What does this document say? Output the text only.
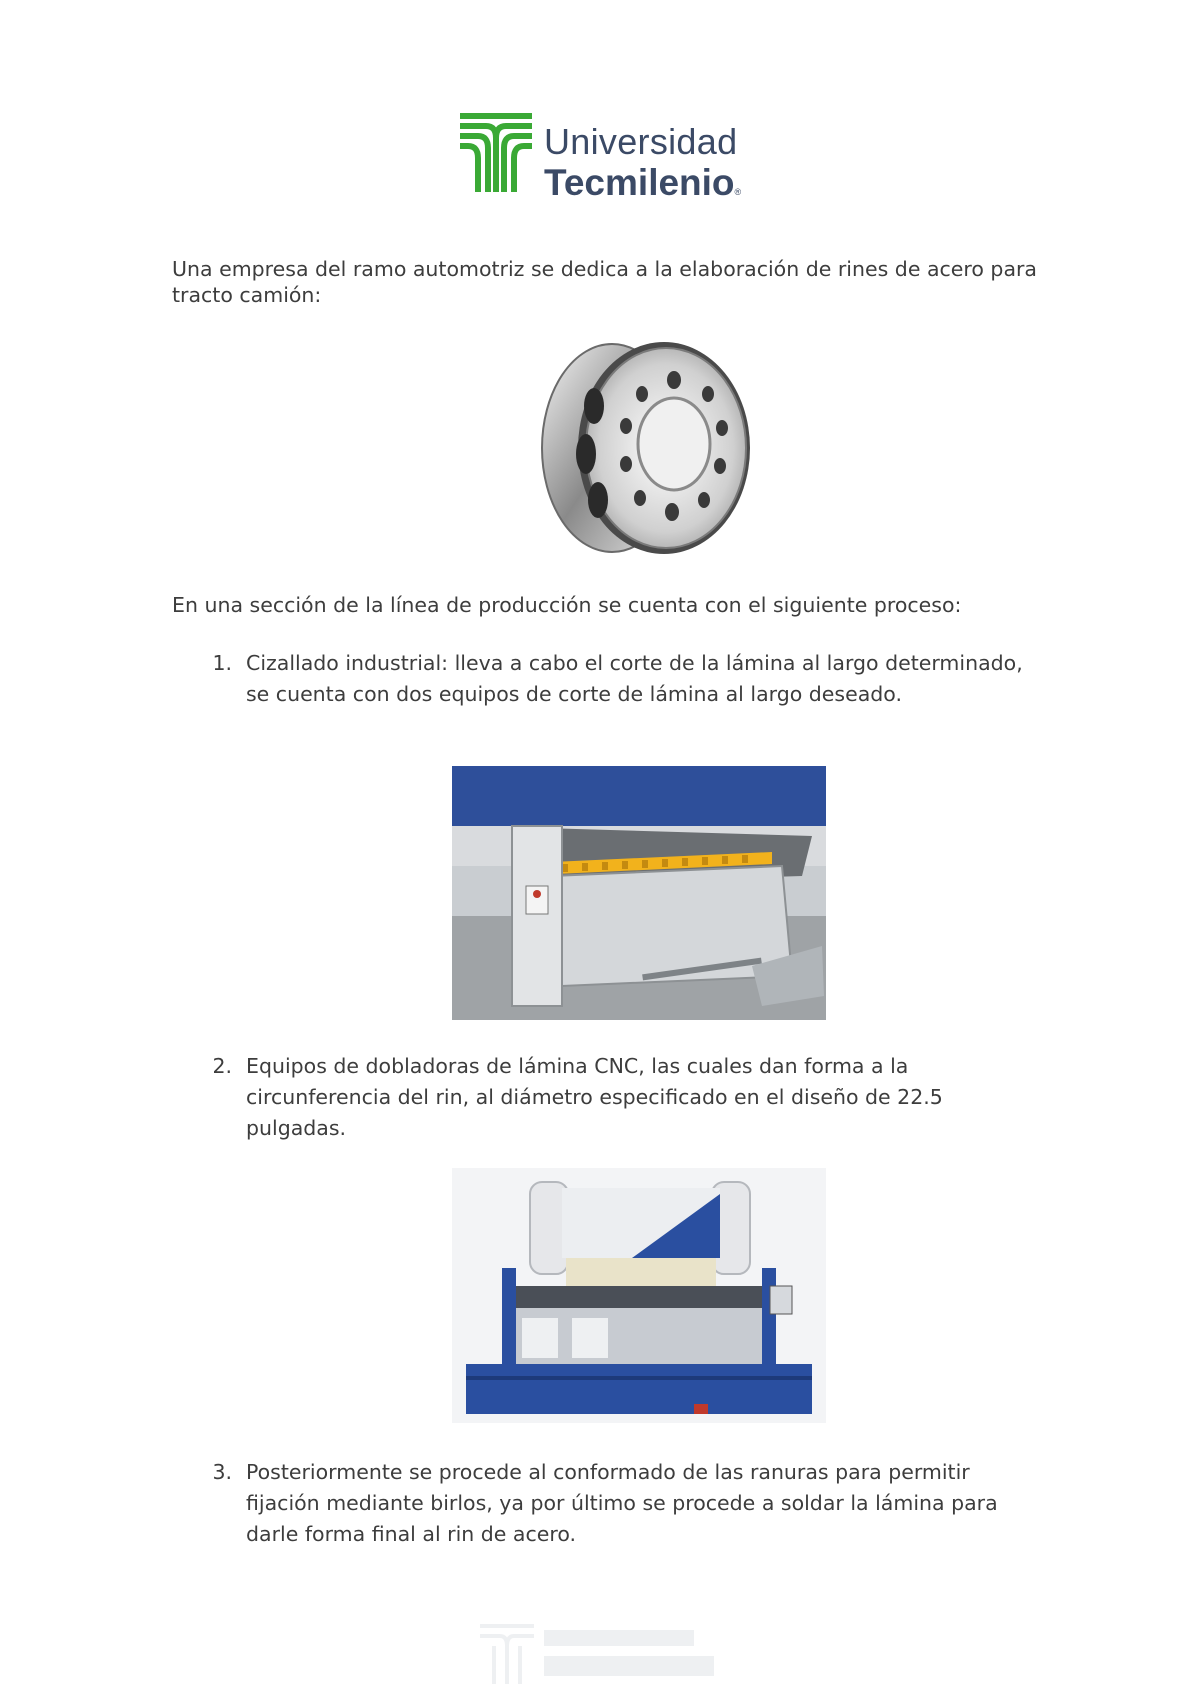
Universidad
Tecmilenio®

Una empresa del ramo automotriz se dedica a la elaboración de rines de acero para tracto camión:

En una sección de la línea de producción se cuenta con el siguiente proceso:

1. Cizallado industrial: lleva a cabo el corte de la lámina al largo determinado, se cuenta con dos equipos de corte de lámina al largo deseado.
2. Equipos de dobladoras de lámina CNC, las cuales dan forma a la circunferencia del rin, al diámetro especificado en el diseño de 22.5 pulgadas.
3. Posteriormente se procede al conformado de las ranuras para permitir fijación mediante birlos, ya por último se procede a soldar la lámina para darle forma final al rin de acero.
